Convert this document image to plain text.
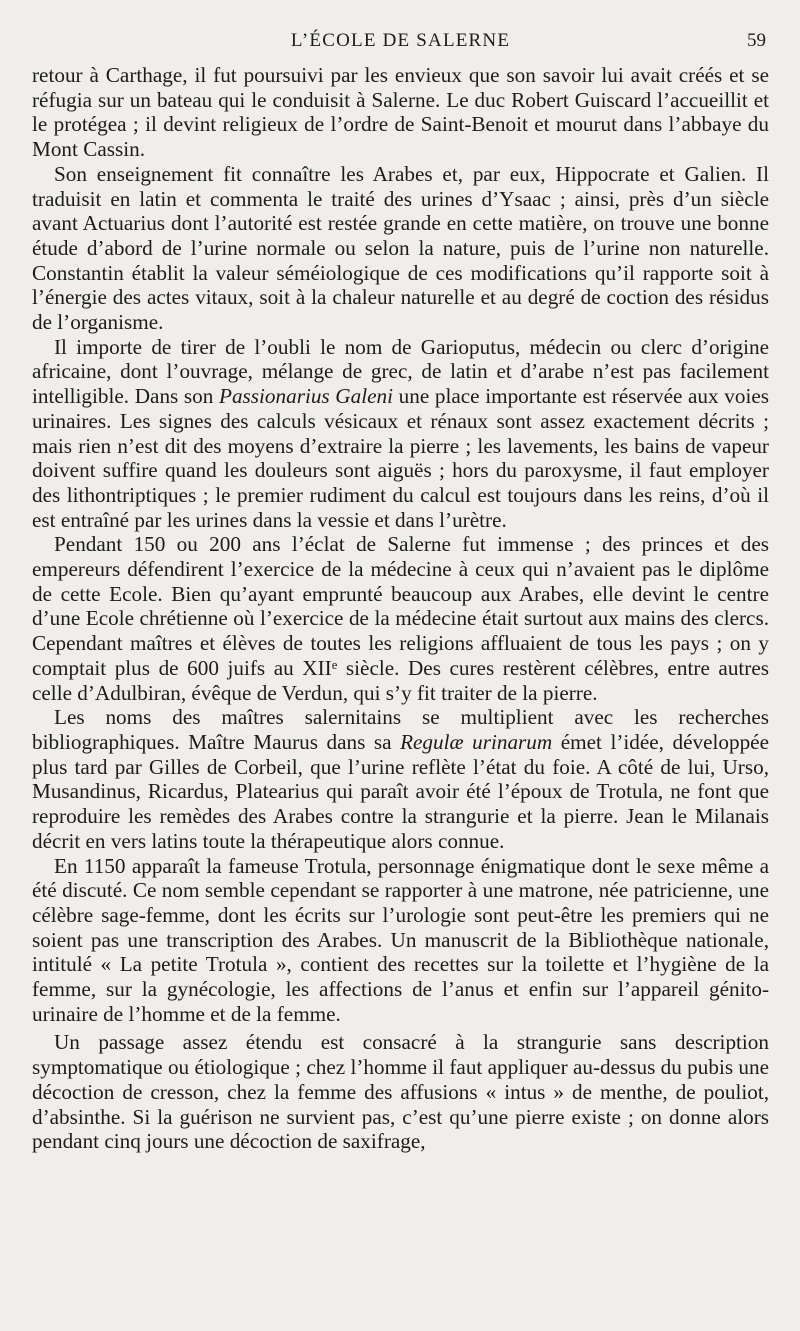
L’ÉCOLE DE SALERNE	59

retour à Carthage, il fut poursuivi par les envieux que son savoir lui avait créés et se réfugia sur un bateau qui le conduisit à Salerne. Le duc Robert Guiscard l’accueillit et le protégea ; il devint religieux de l’ordre de Saint-Benoit et mourut dans l’abbaye du Mont Cassin.

Son enseignement fit connaître les Arabes et, par eux, Hippocrate et Galien. Il traduisit en latin et commenta le traité des urines d’Ysaac ; ainsi, près d’un siècle avant Actuarius dont l’autorité est restée grande en cette matière, on trouve une bonne étude d’abord de l’urine normale ou selon la nature, puis de l’urine non naturelle. Constantin établit la valeur séméiologique de ces modifications qu’il rapporte soit à l’énergie des actes vitaux, soit à la chaleur naturelle et au degré de coction des résidus de l’organisme.

Il importe de tirer de l’oubli le nom de Garioputus, médecin ou clerc d’origine africaine, dont l’ouvrage, mélange de grec, de latin et d’arabe n’est pas facilement intelligible. Dans son Passionarius Galeni une place importante est réservée aux voies urinaires. Les signes des calculs vésicaux et rénaux sont assez exactement décrits ; mais rien n’est dit des moyens d’extraire la pierre ; les lavements, les bains de vapeur doivent suffire quand les douleurs sont aiguës ; hors du paroxysme, il faut employer des lithontriptiques ; le premier rudiment du calcul est toujours dans les reins, d’où il est entraîné par les urines dans la vessie et dans l’urètre.

Pendant 150 ou 200 ans l’éclat de Salerne fut immense ; des princes et des empereurs défendirent l’exercice de la médecine à ceux qui n’avaient pas le diplôme de cette Ecole. Bien qu’ayant emprunté beaucoup aux Arabes, elle devint le centre d’une Ecole chrétienne où l’exercice de la médecine était surtout aux mains des clercs. Cependant maîtres et élèves de toutes les religions affluaient de tous les pays ; on y comptait plus de 600 juifs au XIIe siècle. Des cures restèrent célèbres, entre autres celle d’Adulbiran, évêque de Verdun, qui s’y fit traiter de la pierre.

Les noms des maîtres salernitains se multiplient avec les recherches bibliographiques. Maître Maurus dans sa Regulæ urinarum émet l’idée, développée plus tard par Gilles de Corbeil, que l’urine reflète l’état du foie. A côté de lui, Urso, Musandinus, Ricardus, Platearius qui paraît avoir été l’époux de Trotula, ne font que reproduire les remèdes des Arabes contre la strangurie et la pierre. Jean le Milanais décrit en vers latins toute la thérapeutique alors connue.

En 1150 apparaît la fameuse Trotula, personnage énigmatique dont le sexe même a été discuté. Ce nom semble cependant se rapporter à une matrone, née patricienne, une célèbre sage-femme, dont les écrits sur l’urologie sont peut-être les premiers qui ne soient pas une transcription des Arabes. Un manuscrit de la Bibliothèque nationale, intitulé « La petite Trotula », contient des recettes sur la toilette et l’hygiène de la femme, sur la gynécologie, les affections de l’anus et enfin sur l’appareil génito-urinaire de l’homme et de la femme.

Un passage assez étendu est consacré à la strangurie sans description symptomatique ou étiologique ; chez l’homme il faut appliquer au-dessus du pubis une décoction de cresson, chez la femme des affusions « intus » de menthe, de pouliot, d’absinthe. Si la guérison ne survient pas, c’est qu’une pierre existe ; on donne alors pendant cinq jours une décoction de saxifrage,
